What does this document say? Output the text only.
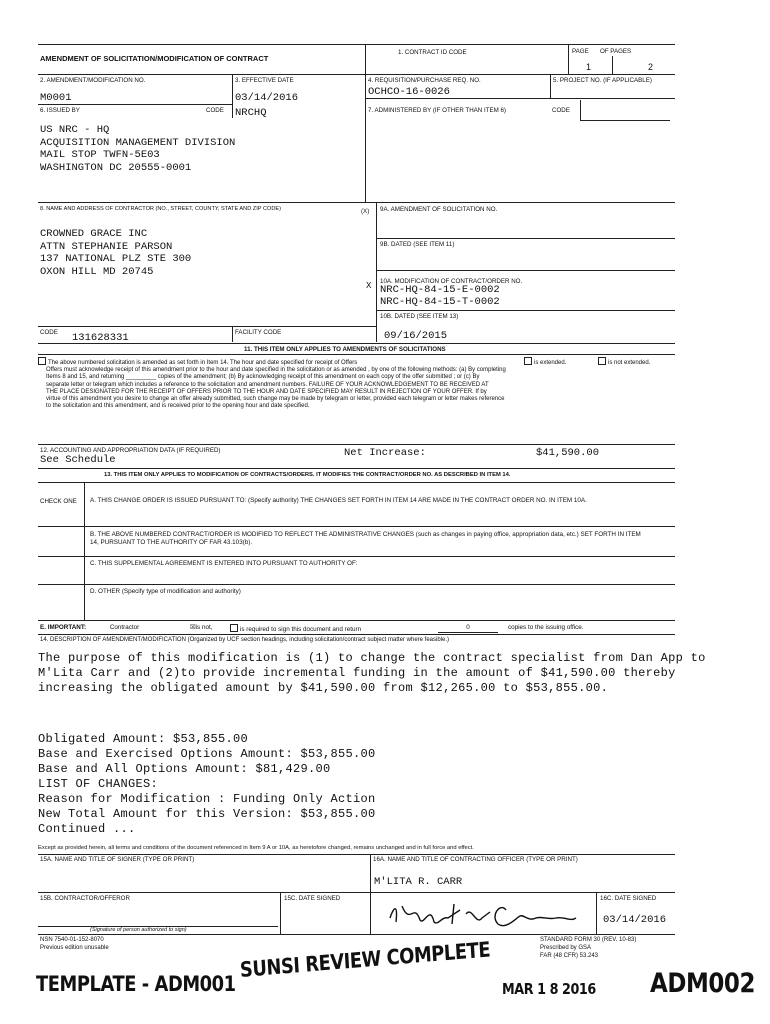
AMENDMENT OF SOLICITATION/MODIFICATION OF CONTRACT
1. CONTRACT ID CODE	PAGE OF PAGES
1	2
2. AMENDMENT/MODIFICATION NO.
M0001
3. EFFECTIVE DATE
03/14/2016
4. REQUISITION/PURCHASE REQ. NO.
OCHCO-16-0026
5. PROJECT NO. (IF APPLICABLE)
6. ISSUED BY	CODE NRCHQ	7. ADMINISTERED BY (IF OTHER THAN ITEM 6)	CODE
US NRC - HQ
ACQUISITION MANAGEMENT DIVISION
MAIL STOP TWFN-5E03
WASHINGTON DC 20555-0001
8. NAME AND ADDRESS OF CONTRACTOR (NO., STREET, COUNTY, STATE AND ZIP CODE)
CROWNED GRACE INC
ATTN STEPHANIE PARSON
137 NATIONAL PLZ STE 300
OXON HILL MD 20745
(X) 9A. AMENDMENT OF SOLICITATION NO.
9B. DATED (SEE ITEM 11)
X 10A. MODIFICATION OF CONTRACT/ORDER NO.
NRC-HQ-84-15-E-0002
NRC-HQ-84-15-T-0002
10B. DATED (SEE ITEM 13)
09/16/2015
CODE 131628331	FACILITY CODE
11. THIS ITEM ONLY APPLIES TO AMENDMENTS OF SOLICITATIONS
The above numbered solicitation is amended as set forth in Item 14. The hour and date specified for receipt of Offers	is extended.	is not extended.
Offers must acknowledge receipt of this amendment prior to the hour and date specified in the solicitation or as amended , by one of the following methods: (a) By completing
Items 8 and 15, and returning _________ copies of the amendment; (b) By acknowledging receipt of this amendment on each copy of the offer submitted ; or (c) By
separate letter or telegram which includes a reference to the solicitation and amendment numbers. FAILURE OF YOUR ACKNOWLEDGEMENT TO BE RECEIVED AT
THE PLACE DESIGNATED FOR THE RECEIPT OF OFFERS PRIOR TO THE HOUR AND DATE SPECIFIED MAY RESULT IN REJECTION OF YOUR OFFER. If by
virtue of this amendment you desire to change an offer already submitted, such change may be made by telegram or letter, provided each telegram or letter makes reference
to the solicitation and this amendment, and is received prior to the opening hour and date specified.
12. ACCOUNTING AND APPROPRIATION DATA (IF REQUIRED)
See Schedule
Net Increase:	$41,590.00
13. THIS ITEM ONLY APPLIES TO MODIFICATION OF CONTRACTS/ORDERS. IT MODIFIES THE CONTRACT/ORDER NO. AS DESCRIBED IN ITEM 14.
CHECK ONE A. THIS CHANGE ORDER IS ISSUED PURSUANT TO: (Specify authority) THE CHANGES SET FORTH IN ITEM 14 ARE MADE IN THE CONTRACT ORDER NO. IN ITEM 10A.
B. THE ABOVE NUMBERED CONTRACT/ORDER IS MODIFIED TO REFLECT THE ADMINISTRATIVE CHANGES (such as changes in paying office, appropriation data, etc.) SET FORTH IN ITEM 14, PURSUANT TO THE AUTHORITY OF FAR 43.103(b).
C. THIS SUPPLEMENTAL AGREEMENT IS ENTERED INTO PURSUANT TO AUTHORITY OF:
D. OTHER (Specify type of modification and authority)
E. IMPORTANT:	Contractor	☒is not,	is required to sign this document and return	0	copies to the issuing office.
14. DESCRIPTION OF AMENDMENT/MODIFICATION (Organized by UCF section headings, including solicitation/contract subject matter where feasible.)
The purpose of this modification is (1) to change the contract specialist from Dan App to
M'Lita Carr and (2)to provide incremental funding in the amount of $41,590.00 thereby
increasing the obligated amount by $41,590.00 from $12,265.00 to $53,855.00.
Obligated Amount: $53,855.00
Base and Exercised Options Amount: $53,855.00
Base and All Options Amount: $81,429.00
LIST OF CHANGES:
Reason for Modification : Funding Only Action
New Total Amount for this Version: $53,855.00
Continued ...
Except as provided herein, all terms and conditions of the document referenced in Item 9 A or 10A, as heretofore changed, remains unchanged and in full force and effect.
15A. NAME AND TITLE OF SIGNER (TYPE OR PRINT)	16A. NAME AND TITLE OF CONTRACTING OFFICER (TYPE OR PRINT)
M'LITA R. CARR
15B. CONTRACTOR/OFFEROR	15C. DATE SIGNED	16C. DATE SIGNED
03/14/2016
(Signature of person authorized to sign)
NSN 7540-01-152-8070
Previous edition unusable
STANDARD FORM 30 (REV. 10-83)
Prescribed by GSA
FAR (48 CFR) 53.243
TEMPLATE - ADM001
SUNSI REVIEW COMPLETE
MAR 1 8 2016 ADM002
